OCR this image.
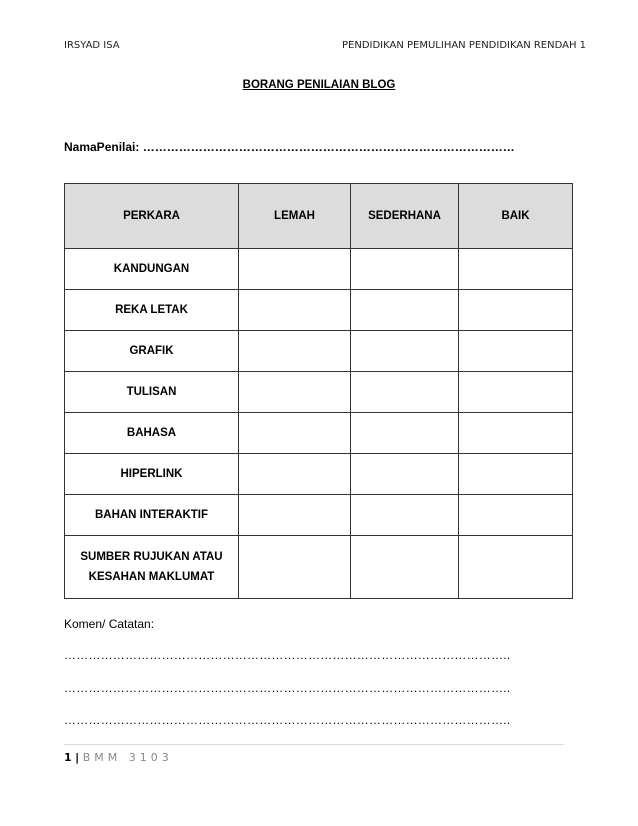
IRSYAD ISA	PENDIDIKAN PEMULIHAN PENDIDIKAN RENDAH 1
BORANG PENILAIAN BLOG
NamaPenilai: …………………………………………………………………………………
PERKARA	LEMAH	SEDERHANA	BAIK
KANDUNGAN			
REKA LETAK			
GRAFIK			
TULISAN			
BAHASA			
HIPERLINK			
BAHAN INTERAKTIF			
SUMBER RUJUKAN ATAU
KESAHAN MAKLUMAT			
Komen/ Catatan:
………………………………………………………………………………………………..
………………………………………………………………………………………………..
………………………………………………………………………………………………..
1 | BMM 3103
